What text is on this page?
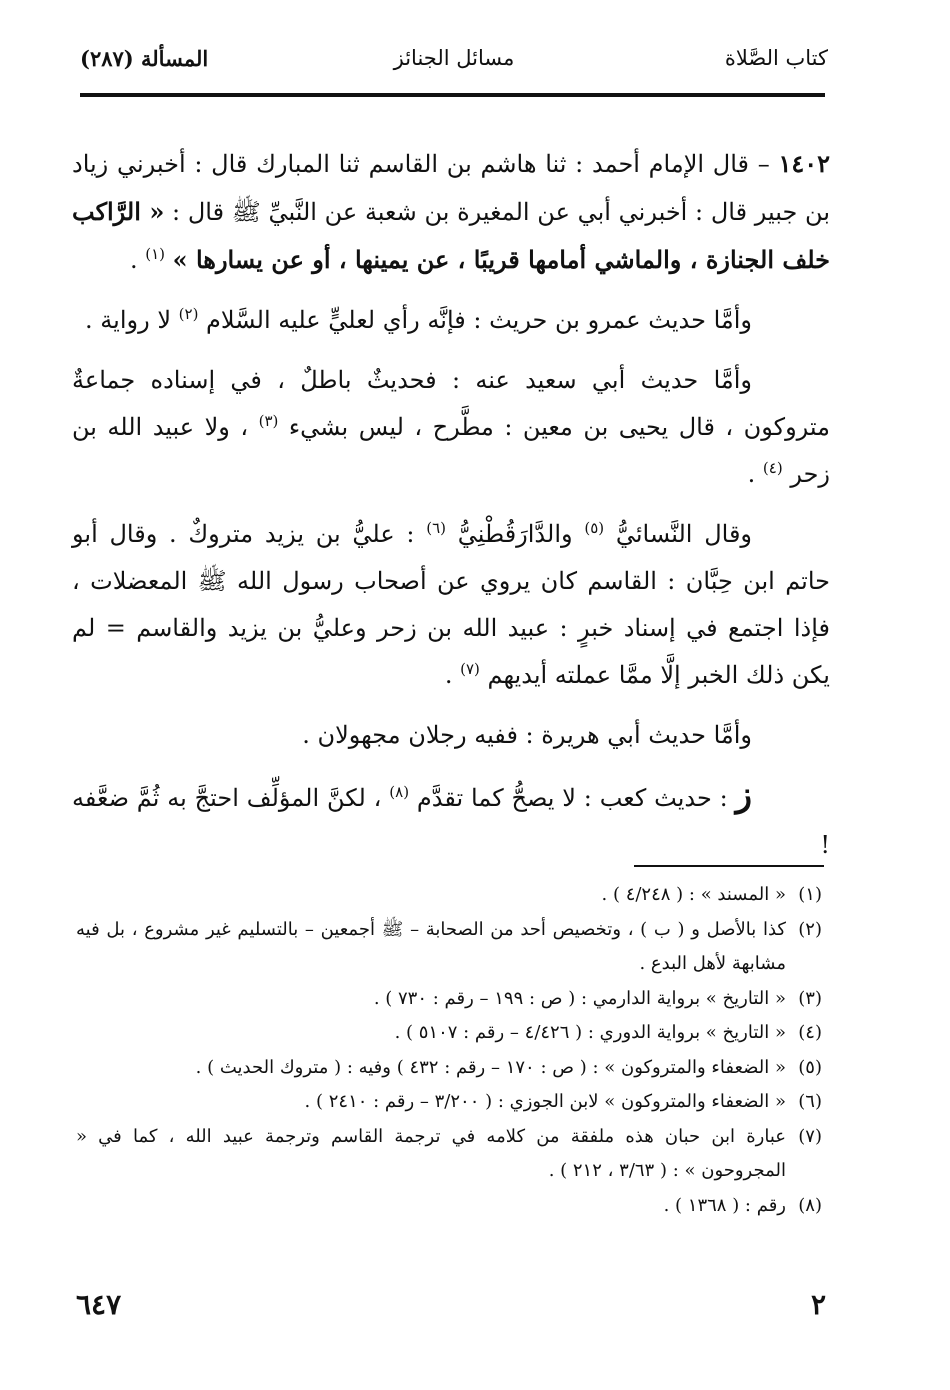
كتاب الصَّلاة
مسائل الجنائز
المسألة (٢٨٧)

١٤٠٢ – قال الإمام أحمد : ثنا هاشم بن القاسم ثنا المبارك قال : أخبرني زياد بن جبير قال : أخبرني أبي عن المغيرة بن شعبة عن النَّبيِّ ﷺ قال : « الرَّاكب خلف الجنازة ، والماشي أمامها قريبًا ، عن يمينها ، أو عن يسارها » $^{(١)}$ .

وأمَّا حديث عمرو بن حريث : فإنَّه رأي لعليٍّ عليه السَّلام $^{(٢)}$ لا رواية .

وأمَّا حديث أبي سعيد عنه : فحديثٌ باطلٌ ، في إسناده جماعةٌ متروكون ، قال يحيى بن معين : مطَّرح ، ليس بشيء $^{(٣)}$ ، ولا عبيد الله بن زحر $^{(٤)}$ .

وقال النَّسائيُّ $^{(٥)}$ والدَّارَقُطْنِيُّ $^{(٦)}$ : عليُّ بن يزيد متروكٌ . وقال أبو حاتم ابن حِبَّان : القاسم كان يروي عن أصحاب رسول الله ﷺ المعضلات ، فإذا اجتمع في إسناد خبرٍ : عبيد الله بن زحر وعليُّ بن يزيد والقاسم = لم يكن ذلك الخبر إلَّا ممَّا عملته أيديهم $^{(٧)}$ .

وأمَّا حديث أبي هريرة : ففيه رجلان مجهولان .

ز : حديث كعب : لا يصحُّ كما تقدَّم $^{(٨)}$ ، لكنَّ المؤلِّف احتجَّ به ثُمَّ ضعَّفه !

(١)
« المسند » : ( ٤/٢٤٨ ) .
(٢)
كذا بالأصل و ( ب ) ، وتخصيص أحد من الصحابة – ﷺ أجمعين – بالتسليم غير مشروع ، بل فيه مشابهة لأهل البدع .
(٣)
« التاريخ » برواية الدارمي : ( ص : ١٩٩ – رقم : ٧٣٠ ) .
(٤)
« التاريخ » برواية الدوري : ( ٤/٤٢٦ – رقم : ٥١٠٧ ) .
(٥)
« الضعفاء والمتروكون » : ( ص : ١٧٠ – رقم : ٤٣٢ ) وفيه : ( متروك الحديث ) .
(٦)
« الضعفاء والمتروكون » لابن الجوزي : ( ٣/٢٠٠ – رقم : ٢٤١٠ ) .
(٧)
عبارة ابن حبان هذه ملفقة من كلامه في ترجمة القاسم وترجمة عبيد الله ، كما في « المجروحون » : ( ٣/٦٣ ، ٢١٢ ) .
(٨)
رقم : ( ١٣٦٨ ) .
٦٤٧	٢
